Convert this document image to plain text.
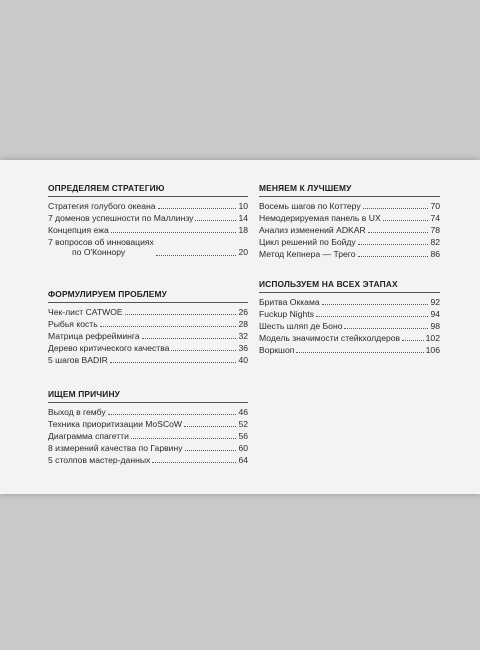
ОПРЕДЕЛЯЕМ СТРАТЕГИЮ

Стратегия голубого океана	10
7 доменов успешности по Маллинзу	14
Концепция ежа	18
7 вопросов об инновациях
по О'Коннору	20

ФОРМУЛИРУЕМ ПРОБЛЕМУ

Чек-лист CATWOE	26
Рыбья кость	28
Матрица рефрейминга	32
Дерево критического качества	36
5 шагов BADIR	40

ИЩЕМ ПРИЧИНУ

Выход в гембу	46
Техника приоритизации MoSCoW	52
Диаграмма спагетти	56
8 измерений качества по Гарвину	60
5 столпов мастер-данных	64

МЕНЯЕМ К ЛУЧШЕМУ

Восемь шагов по Коттеру	70
Немодерируемая панель в UX	74
Анализ изменений ADKAR	78
Цикл решений по Бойду	82
Метод Кепнера — Трего	86

ИСПОЛЬЗУЕМ НА ВСЕХ ЭТАПАХ

Бритва Оккама	92
Fuckup Nights	94
Шесть шляп де Боно	98
Модель значимости стейкхолдеров	102
Воркшоп	106
